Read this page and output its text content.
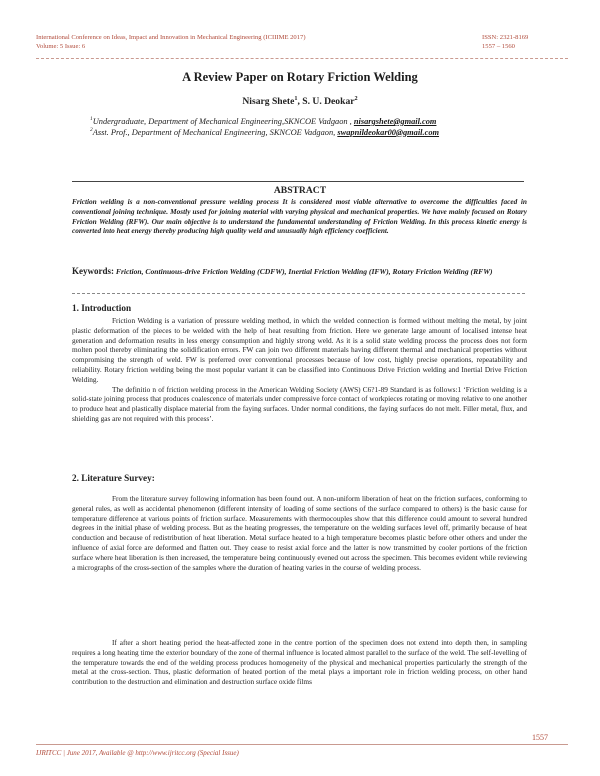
International Conference on Ideas, Impact and Innovation in Mechanical Engineering (ICIIIME 2017)
Volume: 5 Issue: 6
ISSN: 2321-8169
1557 – 1560
A Review Paper on Rotary Friction Welding
Nisarg Shete$^1$, S. U. Deokar$^2$
$^1$Undergraduate, Department of Mechanical Engineering,SKNCOE Vadgaon , nisargshete@gmail.com
$^2$Asst. Prof., Department of Mechanical Engineering, SKNCOE Vadgaon, swapnildeokar00@gmail.com
ABSTRACT
Friction welding is a non-conventional pressure welding process It is considered most viable alternative to overcome the difficulties faced in conventional joining technique. Mostly used for joining material with varying physical and mechanical properties. We have mainly focused on Rotary Friction Welding (RFW). Our main objective is to understand the fundamental understanding of Friction Welding. In this process kinetic energy is converted into heat energy thereby producing high quality weld and unusually high efficiency coefficient.
Keywords: Friction, Continuous-drive Friction Welding (CDFW), Inertial Friction Welding (IFW), Rotary Friction Welding (RFW)
1. Introduction

Friction Welding is a variation of pressure welding method, in which the welded connection is formed without melting the metal, by joint plastic deformation of the pieces to be welded with the help of heat resulting from friction. Here we generate large amount of localised intense heat generation and deformation results in less energy consumption and highly strong weld. As it is a solid state welding process the process does not form molten pool thereby eliminating the solidification errors. FW can join two different materials having different thermal and mechanical properties without compromising the strength of weld. FW is preferred over conventional processes because of low cost, highly precise operations, repeatability and reliability. Rotary friction welding being the most popular variant it can be classified into Continuous Drive Friction welding and Inertial Drive Friction Welding.

The definitio n of friction welding process in the American Welding Society (AWS) C6?1-89 Standard is as follows:1 ‘Friction welding is a solid-state joining process that produces coalescence of materials under compressive force contact of workpieces rotating or moving relative to one another to produce heat and plastically displace material from the faying surfaces. Under normal conditions, the faying surfaces do not melt. Filler metal, flux, and shielding gas are not required with this process’.

2. Literature Survey:

From the literature survey following information has been found out. A non-uniform liberation of heat on the friction surfaces, conforming to general rules, as well as accidental phenomenon (different intensity of loading of some sections of the surface compared to others) is the basic cause for temperature difference at various points of friction surface. Measurements with thermocouples show that this difference could amount to several hundred degrees in the initial phase of welding process. But as the heating progresses, the temperature on the welding surfaces level off, primarily because of heat conduction and because of redistribution of heat liberation. Metal surface heated to a high temperature becomes plastic before other others and under the influence of axial force are deformed and flatten out. They cease to resist axial force and the latter is now transmitted by cooler portions of the friction surface where heat liberation is then increased, the temperature being continuously evened out across the specimen. This becomes evident while reviewing a micrographs of the cross-section of the samples where the duration of heating varies in the course of welding process.

If after a short heating period the heat-affected zone in the centre portion of the specimen does not extend into depth then, in sampling requires a long heating time the exterior boundary of the zone of thermal influence is located almost parallel to the surface of the weld. The self-levelling of the temperature towards the end of the welding process produces homogeneity of the physical and mechanical properties particularly the strength of the metal at the cross-section. Thus, plastic deformation of heated portion of the metal plays a important role in friction welding process, on other hand contribution to the destruction and elimination and destruction surface oxide films

1557
IJRITCC | June 2017, Available @ http://www.ijritcc.org (Special Issue)
